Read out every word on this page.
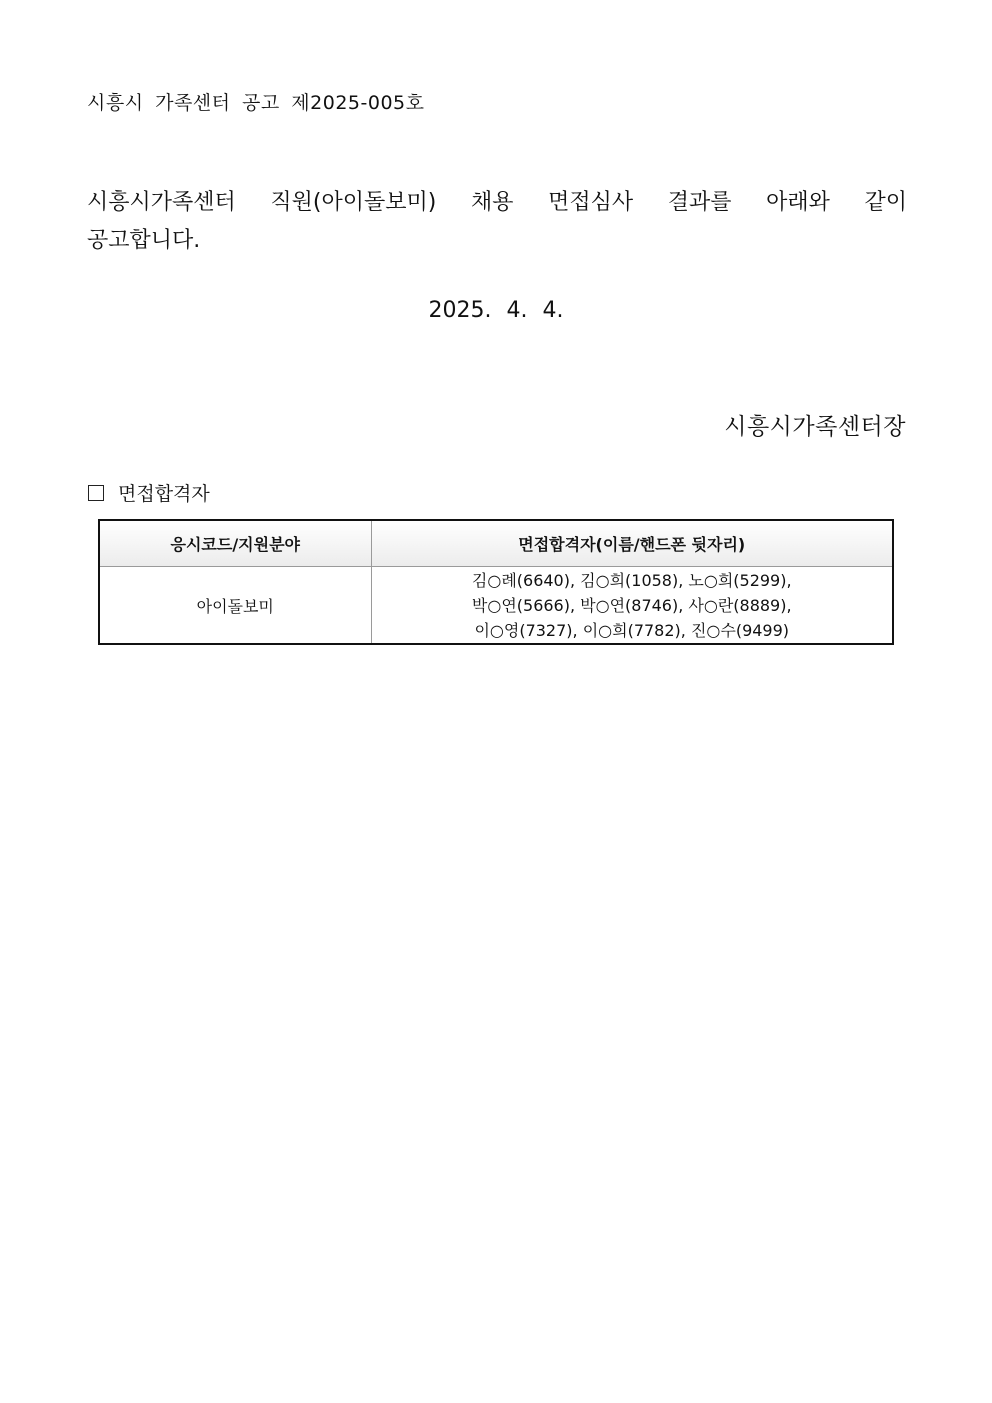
시흥시 가족센터 공고 제2025-005호
시흥시가족센터 직원(아이돌보미) 채용 면접심사 결과를 아래와 같이
공고합니다.
2025. 4. 4.
시흥시가족센터장
면접합격자
응시코드/지원분야	면접합격자(이름/핸드폰 뒷자리)
아이돌보미	김○례(6640), 김○희(1058), 노○희(5299),
박○연(5666), 박○연(8746), 사○란(8889),
이○영(7327), 이○희(7782), 진○수(9499)
